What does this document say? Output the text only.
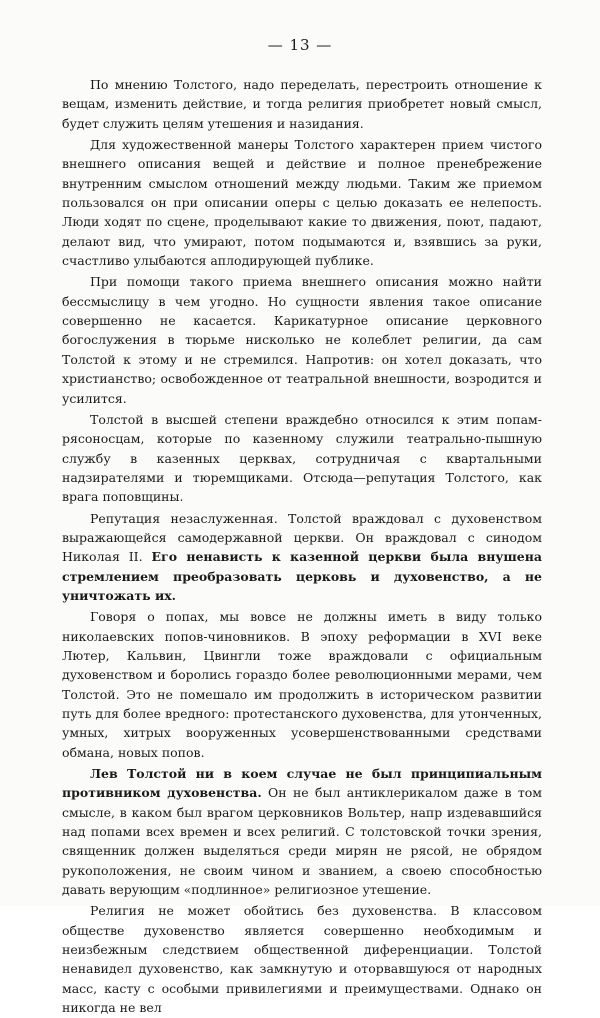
— 13 —

По мнению Толстого, надо переделать, перестроить отношение к вещам, изменить действие, и тогда религия приобретет новый смысл, будет служить целям утешения и назидания.

Для художественной манеры Толстого характерен прием чистого внешнего описания вещей и действие и полное пренебрежение внутренним смыслом отношений между людьми. Таким же приемом пользовался он при описании оперы с целью доказать ее нелепость. Люди ходят по сцене, проделывают какие то движения, поют, падают, делают вид, что умирают, потом подымаются и, взявшись за руки, счастливо улыбаются аплодирующей публике.

При помощи такого приема внешнего описания можно найти бессмыслицу в чем угодно. Но сущности явления такое описание совершенно не касается. Карикатурное описание церковного богослужения в тюрьме нисколько не колеблет религии, да сам Толстой к этому и не стремился. Напротив: он хотел доказать, что христианство; освобожденное от театральной внешности, возродится и усилится.

Толстой в высшей степени враждебно относился к этим попам-рясоносцам, которые по казенному служили театрально-пышную службу в казенных церквах, сотрудничая с квартальными надзирателями и тюремщиками. Отсюда—репутация Толстого, как врага поповщины.

Репутация незаслуженная. Толстой враждовал с духовенством выражающейся самодержавной церкви. Он враждовал с синодом Николая II. Его ненависть к казенной церкви была внушена стремлением преобразовать церковь и духовенство, а не уничтожать их.

Говоря о попах, мы вовсе не должны иметь в виду только николаевских попов-чиновников. В эпоху реформации в XVI веке Лютер, Кальвин, Цвингли тоже враждовали с официальным духовенством и боролись гораздо более революционными мерами, чем Толстой. Это не помешало им продолжить в историческом развитии путь для более вредного: протестанского духовенства, для утонченных, умных, хитрых вооруженных усовершенствованными средствами обмана, новых попов.

Лев Толстой ни в коем случае не был принципиальным противником духовенства. Он не был антиклерикалом даже в том смысле, в каком был врагом церковников Вольтер, напр издевавшийся над попами всех времен и всех религий. С толстовской точки зрения, священник должен выделяться среди мирян не рясой, не обрядом рукоположения, не своим чином и званием, а своею способностью давать верующим «подлинное» религиозное утешение.

Религия не может обойтись без духовенства. В классовом обществе духовенство является совершенно необходимым и неизбежным следствием общественной диференциации. Толстой ненавидел духовенство, как замкнутую и оторвавшуюся от народных масс, касту с особыми привилегиями и преимуществами. Однако он никогда не вел
